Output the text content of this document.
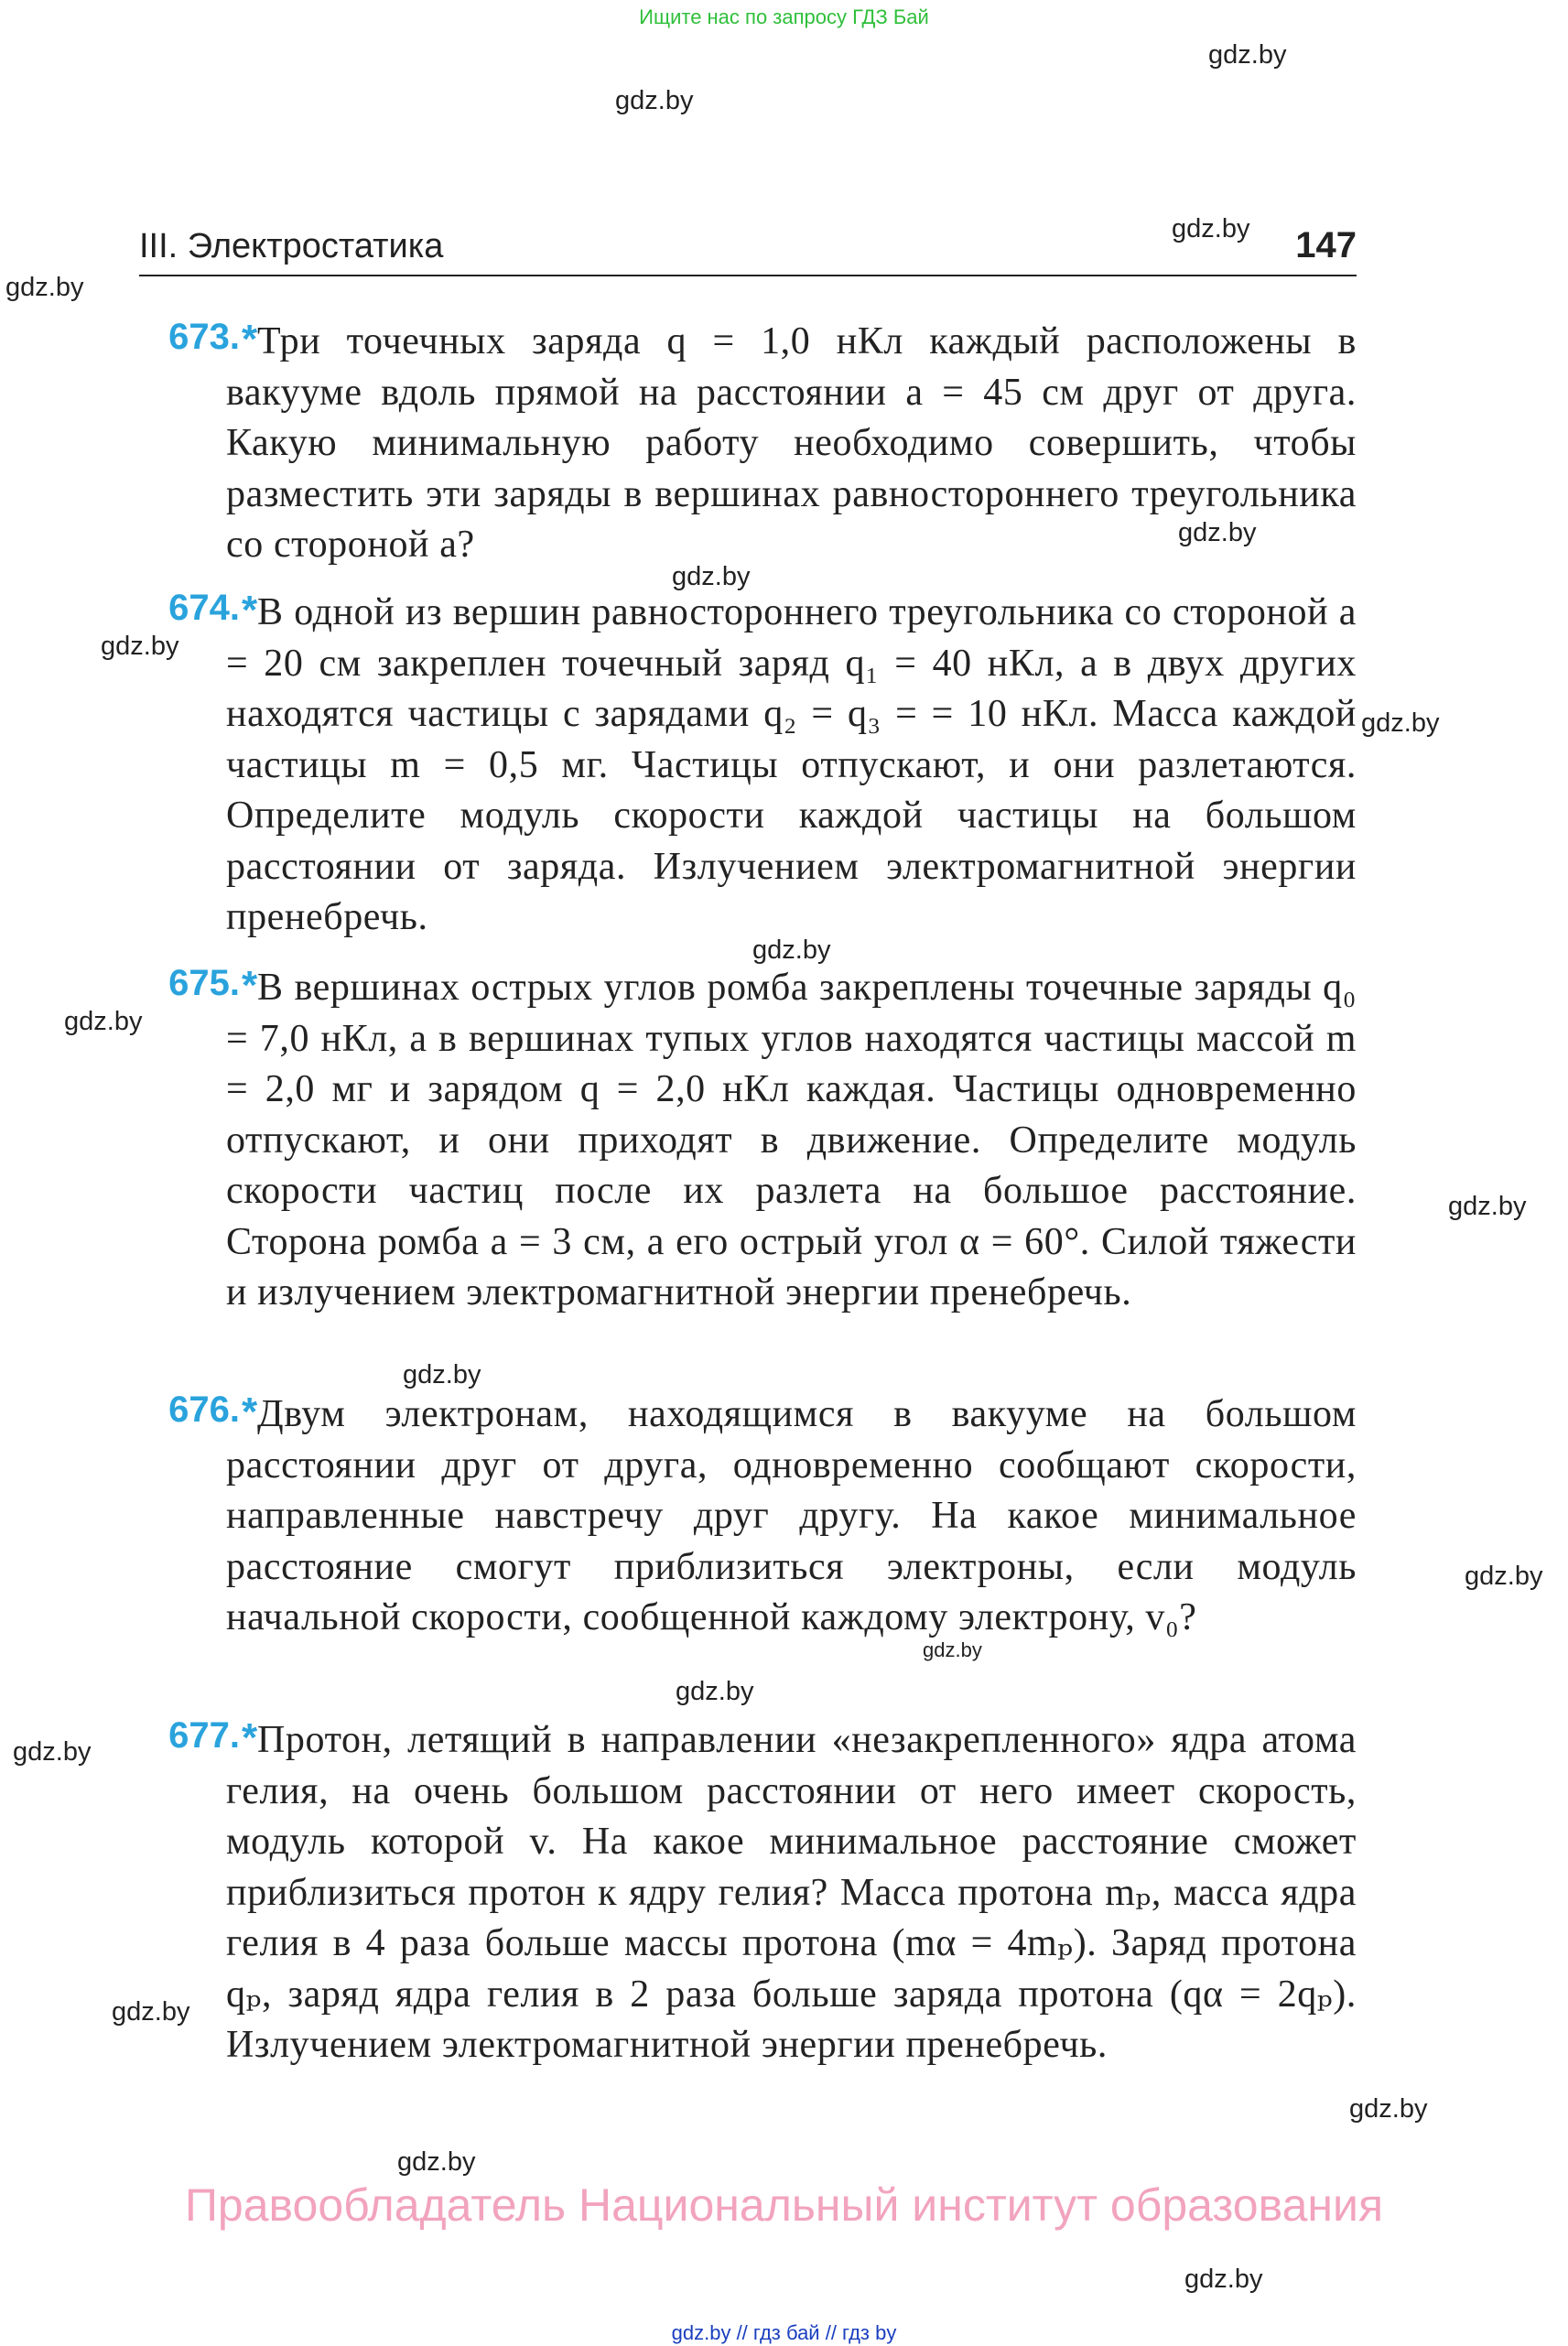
Ищите нас по запросу ГДЗ Бай
gdz.by
gdz.by
gdz.by
gdz.by
gdz.by
gdz.by
gdz.by
gdz.by
gdz.by
gdz.by
gdz.by
gdz.by
gdz.by
gdz.by
gdz.by
gdz.by
gdz.by
gdz.by
gdz.by
gdz.by
III. Электростатика	147
673. * Три точечных заряда q = 1,0 нКл каждый расположены в вакууме вдоль прямой на расстоянии a = 45 см друг от друга. Какую минимальную работу необходимо совершить, чтобы разместить эти заряды в вершинах равностороннего треугольника со стороной a?
674. * В одной из вершин равностороннего треугольника со стороной a = 20 см закреплен точечный заряд q₁ = 40 нКл, а в двух других находятся частицы с зарядами q₂ = q₃ = = 10 нКл. Масса каждой частицы m = 0,5 мг. Частицы отпускают, и они разлетаются. Определите модуль скорости каждой частицы на большом расстоянии от заряда. Излучением электромагнитной энергии пренебречь.
675. * В вершинах острых углов ромба закреплены точечные заряды q₀ = 7,0 нКл, а в вершинах тупых углов находятся частицы массой m = 2,0 мг и зарядом q = 2,0 нКл каждая. Частицы одновременно отпускают, и они приходят в движение. Определите модуль скорости частиц после их разлета на большое расстояние. Сторона ромба a = 3 см, а его острый угол α = 60°. Силой тяжести и излучением электромагнитной энергии пренебречь.
676. * Двум электронам, находящимся в вакууме на большом расстоянии друг от друга, одновременно сообщают скорости, направленные навстречу друг другу. На какое минимальное расстояние смогут приблизиться электроны, если модуль начальной скорости, сообщенной каждому электрону, v₀?
677. * Протон, летящий в направлении «незакрепленного» ядра атома гелия, на очень большом расстоянии от него имеет скорость, модуль которой v. На какое минимальное расстояние сможет приблизиться протон к ядру гелия? Масса протона mₚ, масса ядра гелия в 4 раза больше массы протона (mα = 4mₚ). Заряд протона qₚ, заряд ядра гелия в 2 раза больше заряда протона (qα = 2qₚ). Излучением электромагнитной энергии пренебречь.
Правообладатель Национальный институт образования
gdz.by // гдз бай // гдз by
